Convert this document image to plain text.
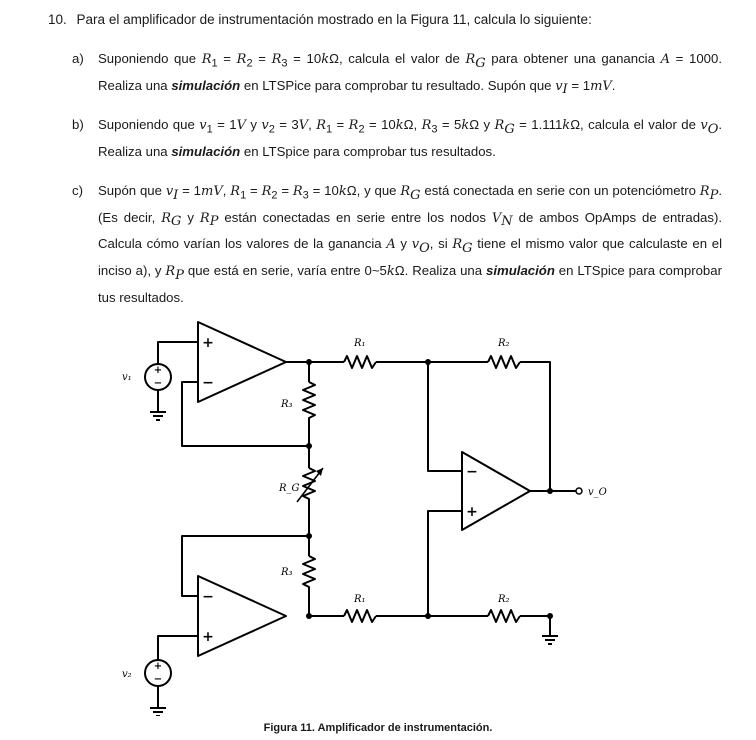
10. Para el amplificador de instrumentación mostrado en la Figura 11, calcula lo siguiente:
a) Suponiendo que $R_1 = R_2 = R_3 = 10k\Omega$, calcula el valor de $R_G$ para obtener una ganancia A = 1000. Realiza una simulación en LTSPice para comprobar tu resultado. Supón que $v_I = 1mV$.
b) Suponiendo que $v_1 = 1V$ y $v_2 = 3V$, $R_1 = R_2 = 10k\Omega$, $R_3 = 5k\Omega$ y $R_G = 1.111k\Omega$, calcula el valor de $v_O$. Realiza una simulación en LTSpice para comprobar tus resultados.
c) Supón que $v_I = 1mV$, $R_1 = R_2 = R_3 = 10k\Omega$, y que $R_G$ está conectada en serie con un potenciómetro $R_P$. (Es decir, $R_G$ y $R_P$ están conectadas en serie entre los nodos $V_N$ de ambos OpAmps de entradas). Calcula cómo varían los valores de la ganancia A y $v_O$, si $R_G$ tiene el mismo valor que calculaste en el inciso a), y $R_P$ que está en serie, varía entre 0~5kΩ. Realiza una simulación en LTSpice para comprobar tus resultados.
+
−
−
+
−
+
+
−
+
−
v₁
v₂
R₁	R₂
R₁	R₂
R₃
R₃
R_G	v_O
Figura 11. Amplificador de instrumentación.
